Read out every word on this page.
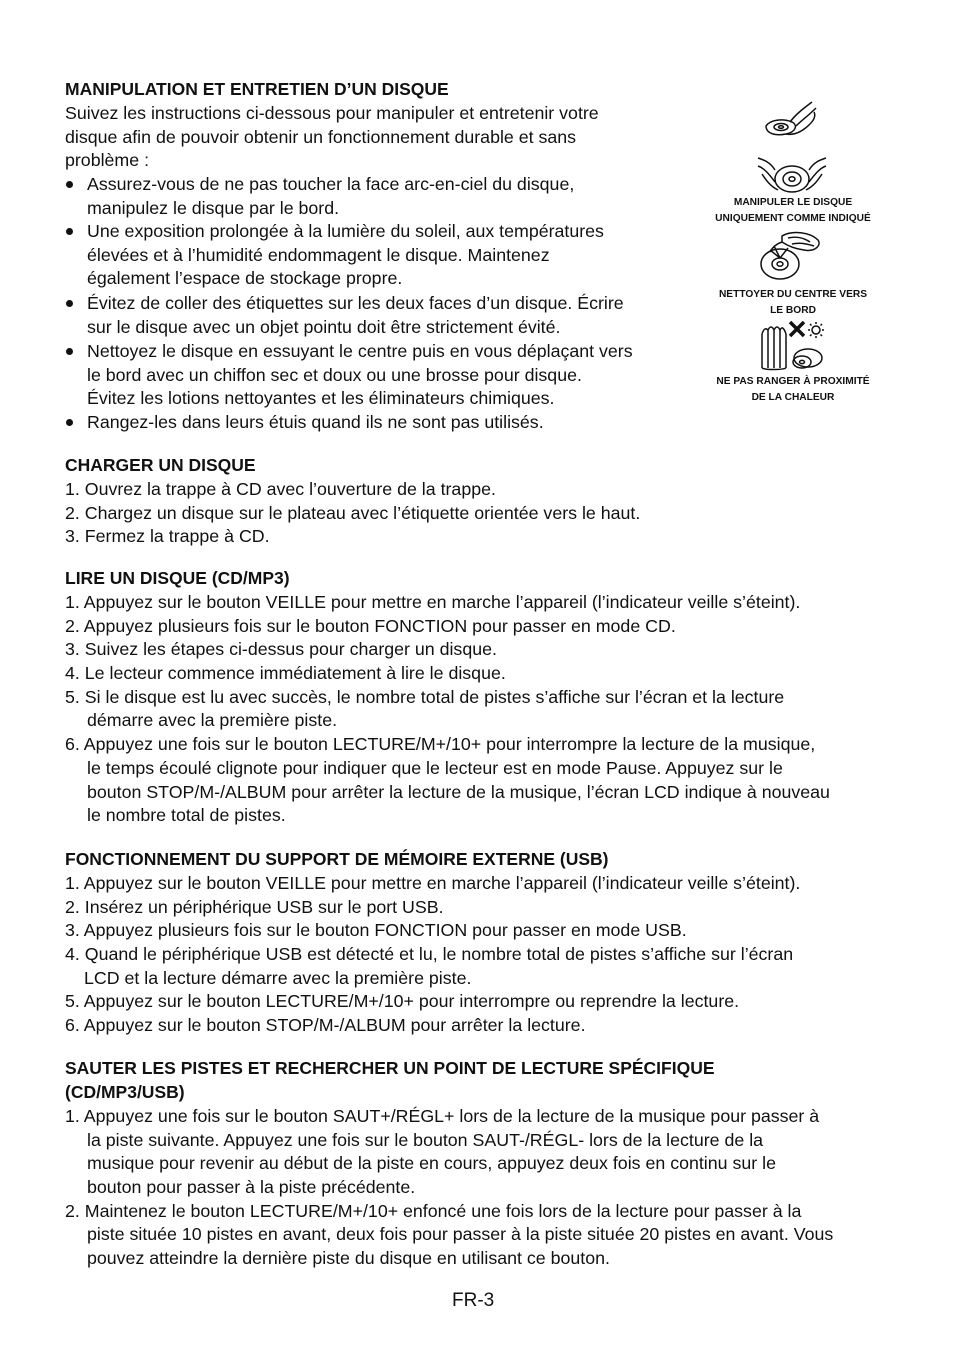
MANIPULATION ET ENTRETIEN D’UN DISQUE
Suivez les instructions ci-dessous pour manipuler et entretenir votre
disque afin de pouvoir obtenir un fonctionnement durable et sans
problème :
Assurez-vous de ne pas toucher la face arc-en-ciel du disque,
manipulez le disque par le bord.
Une exposition prolongée à la lumière du soleil, aux températures
élevées et à l’humidité endommagent le disque. Maintenez
également l’espace de stockage propre.
Évitez de coller des étiquettes sur les deux faces d’un disque. Écrire
sur le disque avec un objet pointu doit être strictement évité.
Nettoyez le disque en essuyant le centre puis en vous déplaçant vers
le bord avec un chiffon sec et doux ou une brosse pour disque.
Évitez les lotions nettoyantes et les éliminateurs chimiques.
Rangez-les dans leurs étuis quand ils ne sont pas utilisés.
MANIPULER LE DISQUE
UNIQUEMENT COMME INDIQUÉ
NETTOYER DU CENTRE VERS
LE BORD
NE PAS RANGER À PROXIMITÉ
DE LA CHALEUR
CHARGER UN DISQUE
1. Ouvrez la trappe à CD avec l’ouverture de la trappe.
2. Chargez un disque sur le plateau avec l’étiquette orientée vers le haut.
3. Fermez la trappe à CD.
LIRE UN DISQUE (CD/MP3)
1. Appuyez sur le bouton VEILLE pour mettre en marche l’appareil (l’indicateur veille s’éteint).
2. Appuyez plusieurs fois sur le bouton FONCTION pour passer en mode CD.
3. Suivez les étapes ci-dessus pour charger un disque.
4. Le lecteur commence immédiatement à lire le disque.
5. Si le disque est lu avec succès, le nombre total de pistes s’affiche sur l’écran et la lecture
démarre avec la première piste.
6. Appuyez une fois sur le bouton LECTURE/M+/10+ pour interrompre la lecture de la musique,
le temps écoulé clignote pour indiquer que le lecteur est en mode Pause. Appuyez sur le
bouton STOP/M-/ALBUM pour arrêter la lecture de la musique, l’écran LCD indique à nouveau
le nombre total de pistes.
FONCTIONNEMENT DU SUPPORT DE MÉMOIRE EXTERNE (USB)
1. Appuyez sur le bouton VEILLE pour mettre en marche l’appareil (l’indicateur veille s’éteint).
2. Insérez un périphérique USB sur le port USB.
3. Appuyez plusieurs fois sur le bouton FONCTION pour passer en mode USB.
4. Quand le périphérique USB est détecté et lu, le nombre total de pistes s’affiche sur l’écran
LCD et la lecture démarre avec la première piste.
5. Appuyez sur le bouton LECTURE/M+/10+ pour interrompre ou reprendre la lecture.
6. Appuyez sur le bouton STOP/M-/ALBUM pour arrêter la lecture.
SAUTER LES PISTES ET RECHERCHER UN POINT DE LECTURE SPÉCIFIQUE
(CD/MP3/USB)
1. Appuyez une fois sur le bouton SAUT+/RÉGL+ lors de la lecture de la musique pour passer à
la piste suivante. Appuyez une fois sur le bouton SAUT-/RÉGL- lors de la lecture de la
musique pour revenir au début de la piste en cours, appuyez deux fois en continu sur le
bouton pour passer à la piste précédente.
2. Maintenez le bouton LECTURE/M+/10+ enfoncé une fois lors de la lecture pour passer à la
piste située 10 pistes en avant, deux fois pour passer à la piste située 20 pistes en avant. Vous
pouvez atteindre la dernière piste du disque en utilisant ce bouton.
FR-3
